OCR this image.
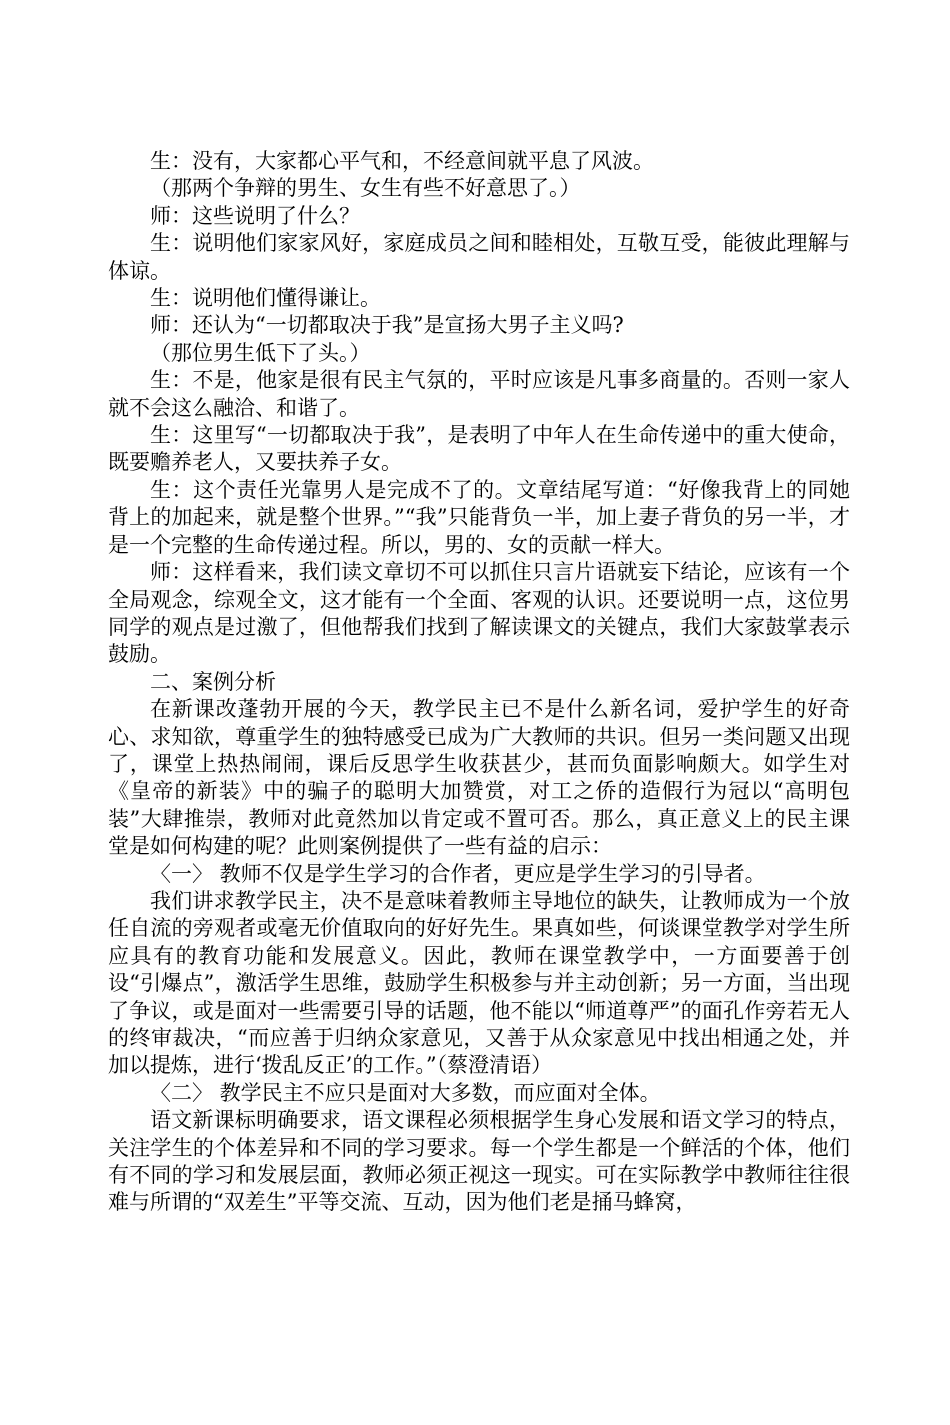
生：没有，大家都心平气和，不经意间就平息了风波。

（那两个争辩的男生、女生有些不好意思了。）

师：这些说明了什么？

生：说明他们家家风好，家庭成员之间和睦相处，互敬互受，能彼此理解与体谅。

生：说明他们懂得谦让。

师：还认为“一切都取决于我”是宣扬大男子主义吗?

（那位男生低下了头。）

生：不是，他家是很有民主气氛的，平时应该是凡事多商量的。否则一家人就不会这么融洽、和谐了。

生：这里写“一切都取决于我”，是表明了中年人在生命传递中的重大使命，既要赡养老人，又要扶养子女。

生：这个责任光靠男人是完成不了的。文章结尾写道：“好像我背上的同她背上的加起来，就是整个世界。”“我”只能背负一半，加上妻子背负的另一半，才是一个完整的生命传递过程。所以，男的、女的贡献一样大。

师：这样看来，我们读文章切不可以抓住只言片语就妄下结论，应该有一个全局观念，综观全文，这才能有一个全面、客观的认识。还要说明一点，这位男同学的观点是过激了，但他帮我们找到了解读课文的关键点，我们大家鼓掌表示鼓励。

二、案例分析

在新课改蓬勃开展的今天，教学民主已不是什么新名词，爱护学生的好奇心、求知欲，尊重学生的独特感受已成为广大教师的共识。但另一类问题又出现了，课堂上热热闹闹，课后反思学生收获甚少，甚而负面影响颇大。如学生对《皇帝的新装》中的骗子的聪明大加赞赏，对工之侨的造假行为冠以“高明包装”大肆推崇，教师对此竟然加以肯定或不置可否。那么，真正意义上的民主课堂是如何构建的呢？此则案例提供了一些有益的启示：

〈一〉 教师不仅是学生学习的合作者，更应是学生学习的引导者。

我们讲求教学民主，决不是意味着教师主导地位的缺失，让教师成为一个放任自流的旁观者或毫无价值取向的好好先生。果真如些，何谈课堂教学对学生所应具有的教育功能和发展意义。因此，教师在课堂教学中，一方面要善于创设“引爆点”，激活学生思维，鼓励学生积极参与并主动创新；另一方面，当出现了争议，或是面对一些需要引导的话题，他不能以“师道尊严”的面孔作旁若无人的终审裁决，“而应善于归纳众家意见，又善于从众家意见中找出相通之处，并加以提炼，进行‘拨乱反正’的工作。”（蔡澄清语）

〈二〉 教学民主不应只是面对大多数，而应面对全体。

语文新课标明确要求，语文课程必须根据学生身心发展和语文学习的特点，关注学生的个体差异和不同的学习要求。每一个学生都是一个鲜活的个体，他们有不同的学习和发展层面，教师必须正视这一现实。可在实际教学中教师往往很难与所谓的“双差生”平等交流、互动，因为他们老是捅马蜂窝，
